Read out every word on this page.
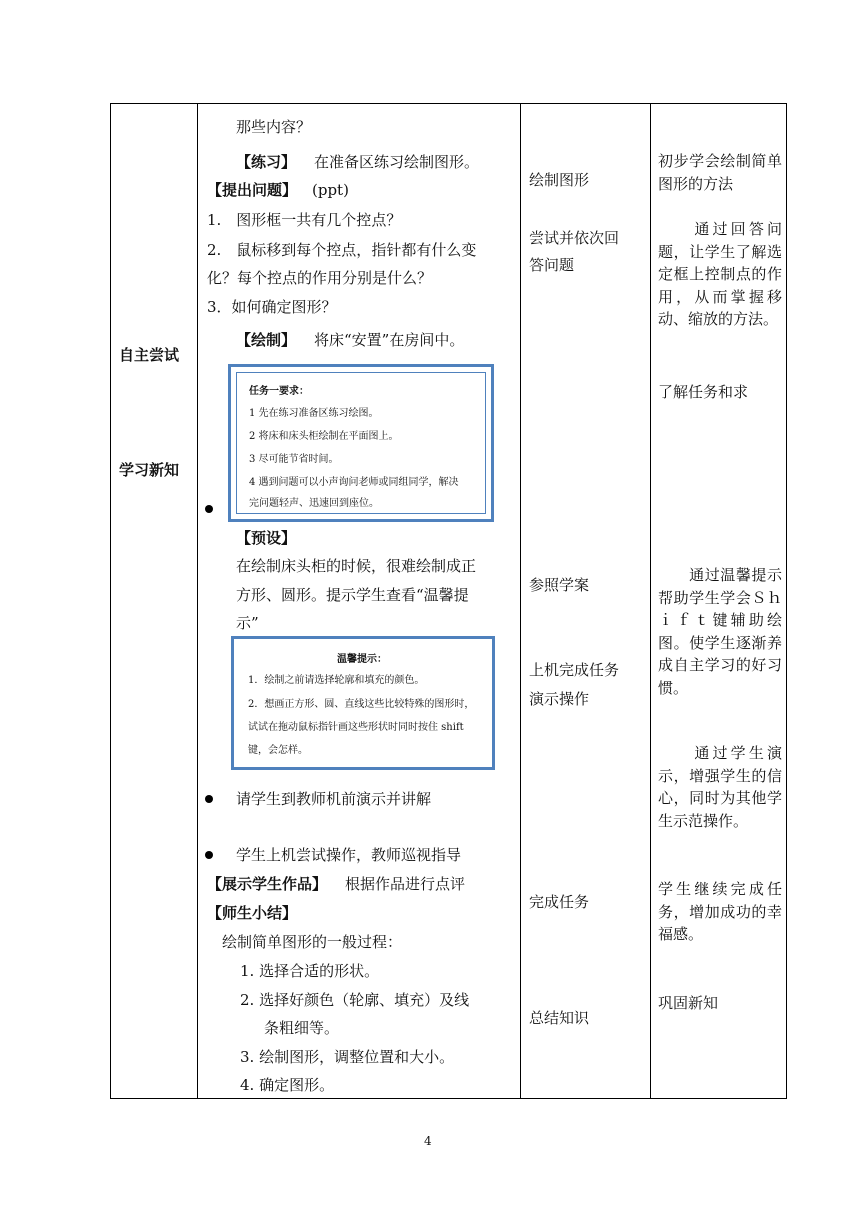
自主尝试
学习新知
那些内容？
【练习】 在准备区练习绘制图形。
【提出问题】 (ppt)
1.　图形框一共有几个控点？
2.　鼠标移到每个控点，指针都有什么变
化？每个控点的作用分别是什么？
3．如何确定图形？
【绘制】 将床“安置”在房间中。
任务一要求：
1 先在练习准备区练习绘图。
2 将床和床头柜绘制在平面图上。
3 尽可能节省时间。
4 遇到问题可以小声询问老师或同组同学，解决
完问题轻声、迅速回到座位。
【预设】
在绘制床头柜的时候，很难绘制成正
方形、圆形。提示学生查看“温馨提
示”
温馨提示：
1．绘制之前请选择轮廓和填充的颜色。
2．想画正方形、圆、直线这些比较特殊的图形时，
试试在拖动鼠标指针画这些形状时同时按住 shift
键，会怎样。
请学生到教师机前演示并讲解
学生上机尝试操作，教师巡视指导
【展示学生作品】 根据作品进行点评
【师生小结】
绘制简单图形的一般过程：
1. 选择合适的形状。
2. 选择好颜色（轮廓、填充）及线
条粗细等。
3. 绘制图形，调整位置和大小。
4. 确定图形。
绘制图形
尝试并依次回
答问题
参照学案
上机完成任务
演示操作
完成任务
总结知识
初步学会绘制简单图形的方法
　　通过回答问题，让学生了解选定框上控制点的作用，从而掌握移动、缩放的方法。
了解任务和求
　　通过温馨提示帮助学生学会Ｓｈｉｆｔ键辅助绘图。使学生逐渐养成自主学习的好习惯。
　　通过学生演示，增强学生的信心，同时为其他学生示范操作。
学生继续完成任务，增加成功的幸福感。
巩固新知
4
